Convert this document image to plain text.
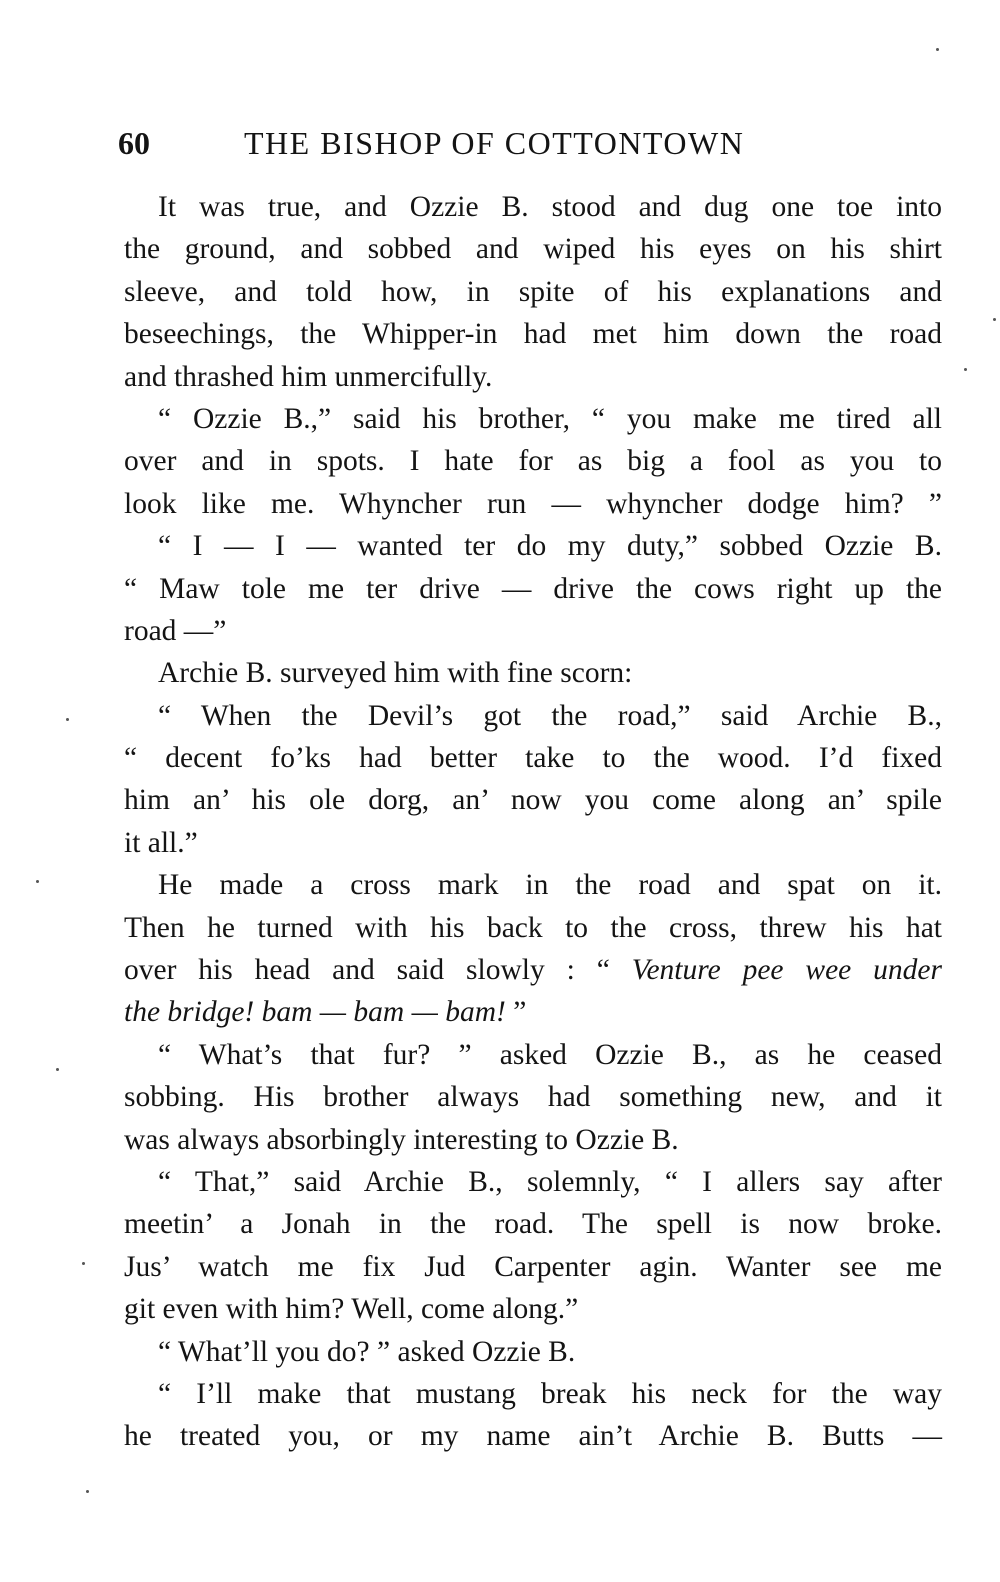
60	THE BISHOP OF COTTONTOWN
It was true, and Ozzie B. stood and dug one toe into
the ground, and sobbed and wiped his eyes on his shirt
sleeve, and told how, in spite of his explanations and
beseechings, the Whipper-in had met him down the road
and thrashed him unmercifully.
“ Ozzie B.,” said his brother, “ you make me tired all
over and in spots. I hate for as big a fool as you to
look like me. Whyncher run — whyncher dodge him? ”
“ I — I — wanted ter do my duty,” sobbed Ozzie B.
“ Maw tole me ter drive — drive the cows right up the
road —”
Archie B. surveyed him with fine scorn:
“ When the Devil’s got the road,” said Archie B.,
“ decent fo’ks had better take to the wood. I’d fixed
him an’ his ole dorg, an’ now you come along an’ spile
it all.”
He made a cross mark in the road and spat on it.
Then he turned with his back to the cross, threw his hat
over his head and said slowly : “ Venture pee wee under
the bridge! bam — bam — bam! ”
“ What’s that fur? ” asked Ozzie B., as he ceased
sobbing. His brother always had something new, and it
was always absorbingly interesting to Ozzie B.
“ That,” said Archie B., solemnly, “ I allers say after
meetin’ a Jonah in the road. The spell is now broke.
Jus’ watch me fix Jud Carpenter agin. Wanter see me
git even with him? Well, come along.”
“ What’ll you do? ” asked Ozzie B.
“ I’ll make that mustang break his neck for the way
he treated you, or my name ain’t Archie B. Butts —
